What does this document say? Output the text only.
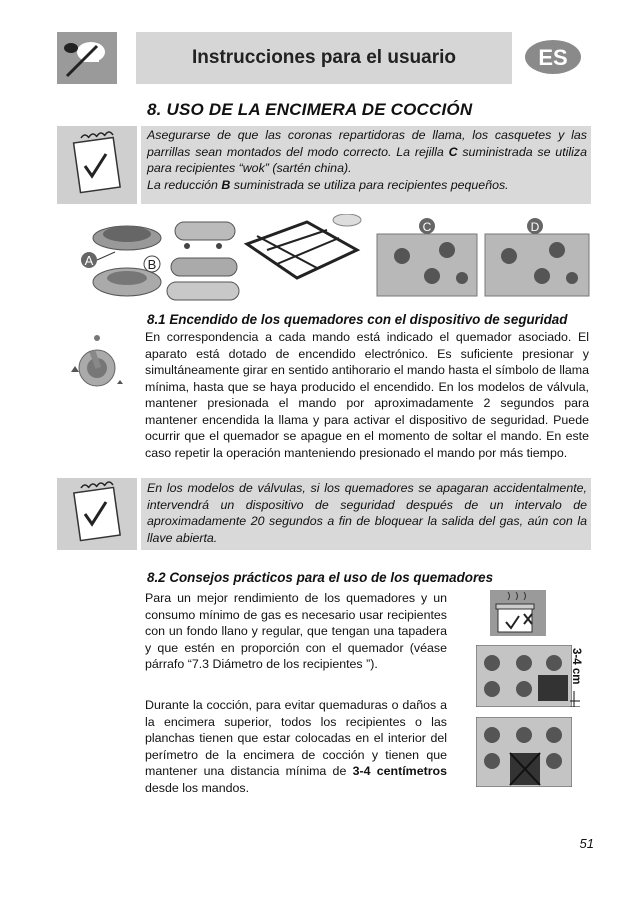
Instrucciones para el usuario	ES
8. USO DE LA ENCIMERA DE COCCIÓN

Asegurarse de que las coronas repartidoras de llama, los casquetes y las parrillas sean montados del modo correcto. La rejilla C suministrada se utiliza para recipientes “wok” (sartén china).

La reducción B suministrada se utiliza para recipientes pequeños.

A	B
C	D
8.1 Encendido de los quemadores con el dispositivo de seguridad
En correspondencia a cada mando está indicado el quemador asociado. El aparato está dotado de encendido electrónico. Es suficiente presionar y simultáneamente girar en sentido antihorario el mando hasta el símbolo de llama mínima, hasta que se haya producido el encendido. En los modelos de válvula, mantener presionada el mando por aproximadamente 2 segundos para mantener encendida la llama y para activar el dispositivo de seguridad. Puede ocurrir que el quemador se apague en el momento de soltar el mando. En este caso repetir la operación manteniendo presionado el mando por más tiempo.
En los modelos de válvulas, si los quemadores se apagaran accidentalmente, intervendrá un dispositivo de seguridad después de un intervalo de aproximadamente 20 segundos a fin de bloquear la salida del gas, aún con la llave abierta.
8.2 Consejos prácticos para el uso de los quemadores
Para un mejor rendimiento de los quemadores y un consumo mínimo de gas es necesario usar recipientes con un fondo llano y regular, que tengan una tapadera y que estén en proporción con el quemador (véase párrafo “7.3 Diámetro de los recipientes ”).
Durante la cocción, para evitar quemaduras o daños a la encimera superior, todos los recipientes o las planchas tienen que estar colocadas en el interior del perímetro de la encimera de cocción y tienen que mantener una distancia mínima de 3-4 centímetros desde los mandos.
3-4 cm
51
